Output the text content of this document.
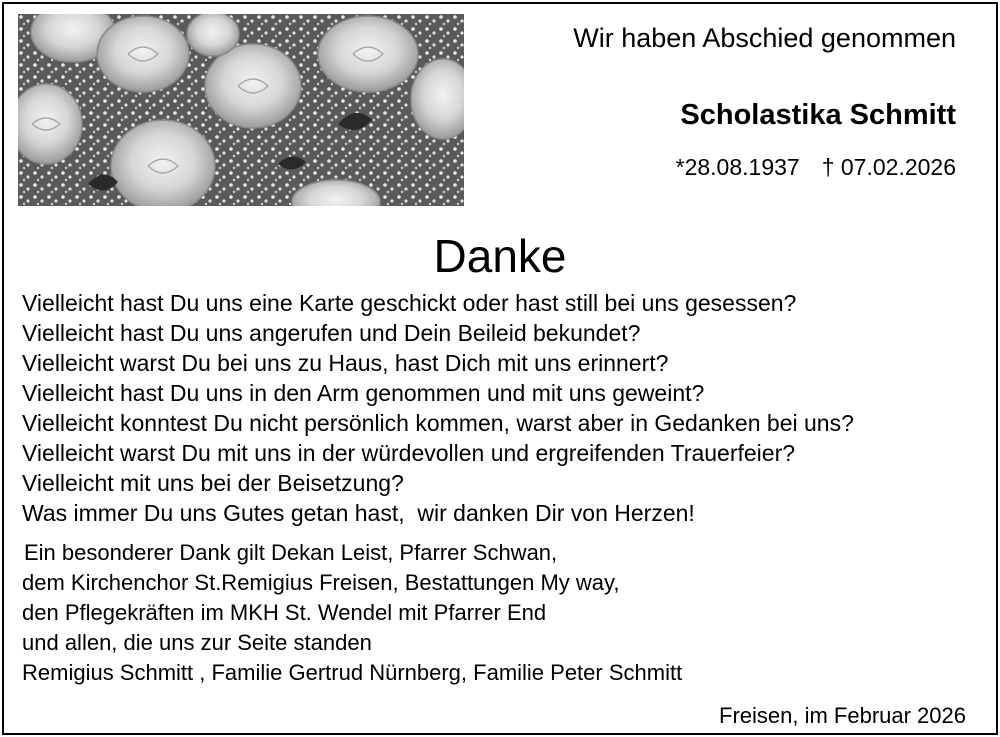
Wir haben Abschied genommen
Scholastika Schmitt
*28.08.1937 † 07.02.2026
Danke
Vielleicht hast Du uns eine Karte geschickt oder hast still bei uns gesessen?
Vielleicht hast Du uns angerufen und Dein Beileid bekundet?
Vielleicht warst Du bei uns zu Haus, hast Dich mit uns erinnert?
Vielleicht hast Du uns in den Arm genommen und mit uns geweint?
Vielleicht konntest Du nicht persönlich kommen, warst aber in Gedanken bei uns?
Vielleicht warst Du mit uns in der würdevollen und ergreifenden Trauerfeier?
Vielleicht mit uns bei der Beisetzung?
Was immer Du uns Gutes getan hast,  wir danken Dir von Herzen!
Ein besonderer Dank gilt Dekan Leist, Pfarrer Schwan,
dem Kirchenchor St.Remigius Freisen, Bestattungen My way,
den Pflegekräften im MKH St. Wendel mit Pfarrer End
und allen, die uns zur Seite standen
Remigius Schmitt , Familie Gertrud Nürnberg, Familie Peter Schmitt
Freisen, im Februar 2026
